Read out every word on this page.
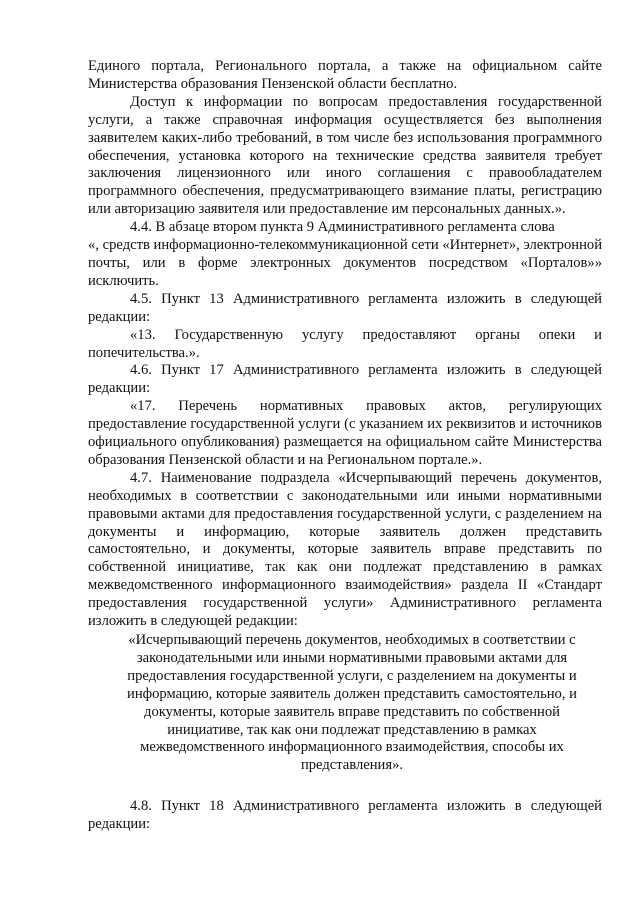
Единого портала, Регионального портала, а также на официальном сайте Министерства образования Пензенской области бесплатно.

Доступ к информации по вопросам предоставления государственной услуги, а также справочная информация осуществляется без выполнения заявителем каких-либо требований, в том числе без использования программного обеспечения, установка которого на технические средства заявителя требует заключения лицензионного или иного соглашения с правообладателем программного обеспечения, предусматривающего взимание платы, регистрацию или авторизацию заявителя или предоставление им персональных данных.».

4.4. В абзаце втором пункта 9 Административного регламента слова

«, средств информационно-телекоммуникационной сети «Интернет», электронной почты, или в форме электронных документов посредством «Порталов»» исключить.

4.5. Пункт 13 Административного регламента изложить в следующей редакции:

«13. Государственную услугу предоставляют органы опеки и попечительства.».

4.6. Пункт 17 Административного регламента изложить в следующей редакции:

«17. Перечень нормативных правовых актов, регулирующих предоставление государственной услуги (с указанием их реквизитов и источников официального опубликования) размещается на официальном сайте Министерства образования Пензенской области и на Региональном портале.».

4.7. Наименование подраздела «Исчерпывающий перечень документов, необходимых в соответствии с законодательными или иными нормативными правовыми актами для предоставления государственной услуги, с разделением на документы и информацию, которые заявитель должен представить самостоятельно, и документы, которые заявитель вправе представить по собственной инициативе, так как они подлежат представлению в рамках межведомственного информационного взаимодействия» раздела II «Стандарт предоставления государственной услуги» Административного регламента изложить в следующей редакции:

«Исчерпывающий перечень документов, необходимых в соответствии с законодательными или иными нормативными правовыми актами для предоставления государственной услуги, с разделением на документы и информацию, которые заявитель должен представить самостоятельно, и документы, которые заявитель вправе представить по собственной инициативе, так как они подлежат представлению в рамках межведомственного информационного взаимодействия, способы их представления».

4.8. Пункт 18 Административного регламента изложить в следующей редакции:
